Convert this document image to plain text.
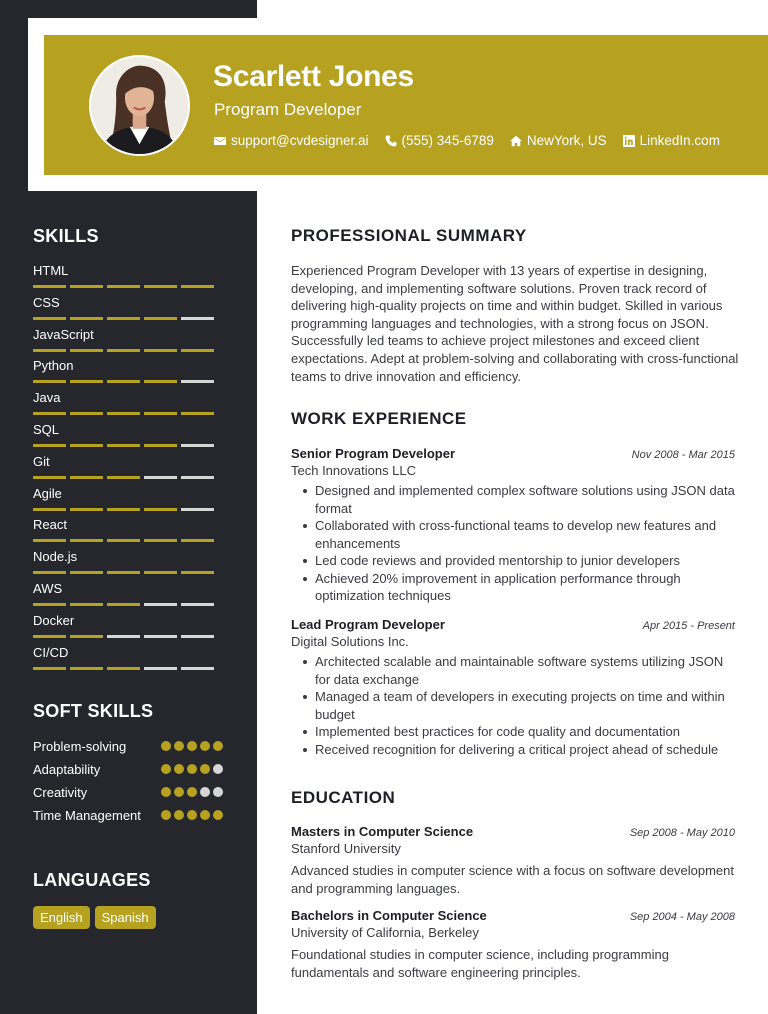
Scarlett Jones
Program Developer
support@cvdesigner.ai (555) 345-6789 NewYork, US LinkedIn.com
SKILLS
HTML
CSS
JavaScript
Python
Java
SQL
Git
Agile
React
Node.js
AWS
Docker
CI/CD
SOFT SKILLS
Problem-solving
Adaptability
Creativity
Time Management
LANGUAGES
English	Spanish
PROFESSIONAL SUMMARY
Experienced Program Developer with 13 years of expertise in designing, developing, and implementing software solutions. Proven track record of delivering high-quality projects on time and within budget. Skilled in various programming languages and technologies, with a strong focus on JSON. Successfully led teams to achieve project milestones and exceed client expectations. Adept at problem-solving and collaborating with cross-functional teams to drive innovation and efficiency.
WORK EXPERIENCE
Senior Program Developer	Nov 2008 - Mar 2015
Tech Innovations LLC
Designed and implemented complex software solutions using JSON data format
Collaborated with cross-functional teams to develop new features and enhancements
Led code reviews and provided mentorship to junior developers
Achieved 20% improvement in application performance through optimization techniques
Lead Program Developer	Apr 2015 - Present
Digital Solutions Inc.
Architected scalable and maintainable software systems utilizing JSON for data exchange
Managed a team of developers in executing projects on time and within budget
Implemented best practices for code quality and documentation
Received recognition for delivering a critical project ahead of schedule
EDUCATION
Masters in Computer Science	Sep 2008 - May 2010
Stanford University
Advanced studies in computer science with a focus on software development and programming languages.
Bachelors in Computer Science	Sep 2004 - May 2008
University of California, Berkeley
Foundational studies in computer science, including programming fundamentals and software engineering principles.
